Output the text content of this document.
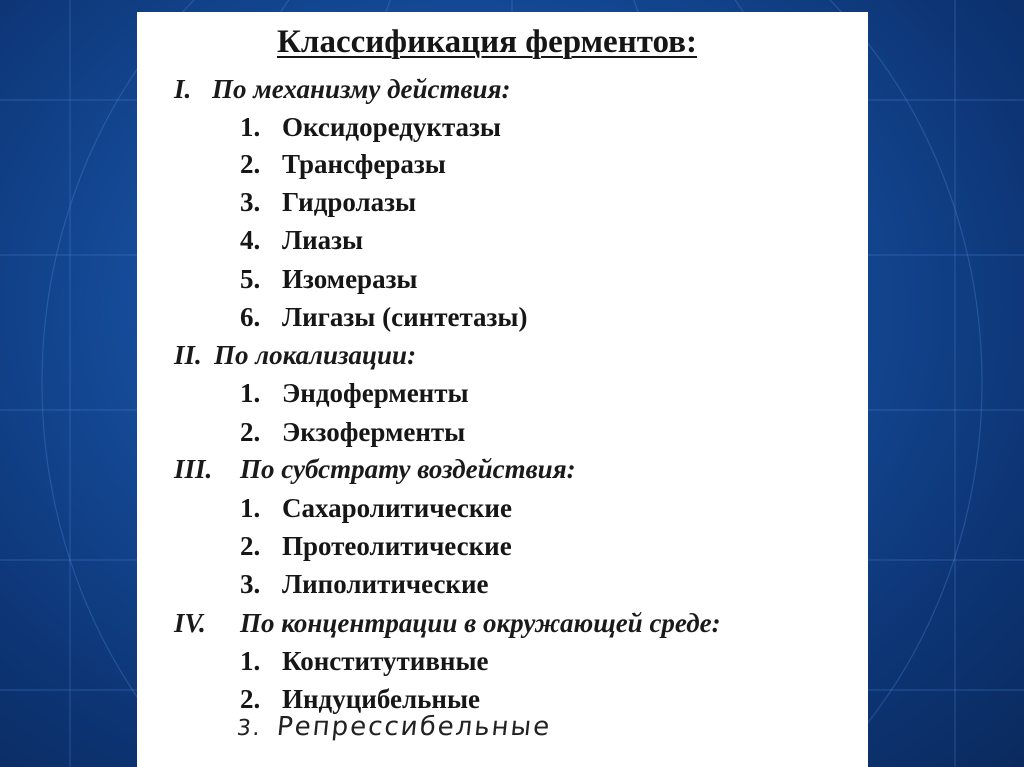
Классификация ферментов:
I. По механизму действия:
1. Оксидоредуктазы
2. Трансферазы
3. Гидролазы
4. Лиазы
5. Изомеразы
6. Лигазы (синтетазы)
II. По локализации:
1. Эндоферменты
2. Экзоферменты
III. По субстрату воздействия:
1. Сахаролитические
2. Протеолитические
3. Липолитические
IV. По концентрации в окружающей среде:
1. Конститутивные
2. Индуцибельные
3. Репрессибельные
